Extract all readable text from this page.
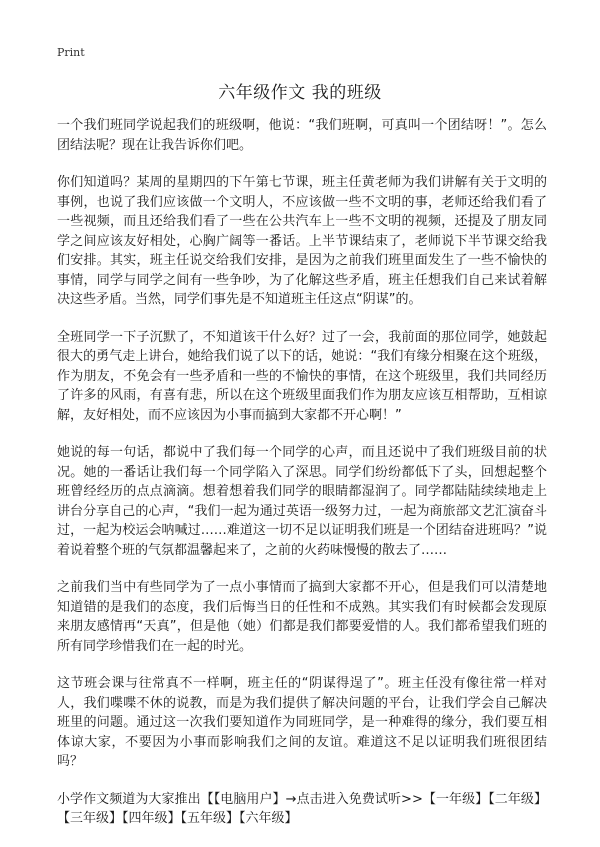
Print
六年级作文 我的班级

一个我们班同学说起我们的班级啊，他说：“我们班啊，可真叫一个团结呀！”。怎么团结法呢？现在让我告诉你们吧。

你们知道吗？某周的星期四的下午第七节课，班主任黄老师为我们讲解有关于文明的事例，也说了我们应该做一个文明人，不应该做一些不文明的事，老师还给我们看了一些视频，而且还给我们看了一些在公共汽车上一些不文明的视频，还提及了朋友同学之间应该友好相处，心胸广阔等一番话。上半节课结束了，老师说下半节课交给我们安排。其实，班主任说交给我们安排，是因为之前我们班里面发生了一些不愉快的事情，同学与同学之间有一些争吵，为了化解这些矛盾，班主任想我们自己来试着解决这些矛盾。当然，同学们事先是不知道班主任这点“阴谋”的。

全班同学一下子沉默了，不知道该干什么好？过了一会，我前面的那位同学，她鼓起很大的勇气走上讲台，她给我们说了以下的话，她说：“我们有缘分相聚在这个班级，作为朋友，不免会有一些矛盾和一些的不愉快的事情，在这个班级里，我们共同经历了许多的风雨，有喜有悲，所以在这个班级里面我们作为朋友应该互相帮助，互相谅解，友好相处，而不应该因为小事而搞到大家都不开心啊！”

她说的每一句话，都说中了我们每一个同学的心声，而且还说中了我们班级目前的状况。她的一番话让我们每一个同学陷入了深思。同学们纷纷都低下了头，回想起整个班曾经经历的点点滴滴。想着想着我们同学的眼睛都湿润了。同学都陆陆续续地走上讲台分享自己的心声，“我们一起为通过英语一级努力过，一起为商旅部文艺汇演奋斗过，一起为校运会呐喊过……难道这一切不足以证明我们班是一个团结奋进班吗？”说着说着整个班的气氛都温馨起来了，之前的火药味慢慢的散去了……

之前我们当中有些同学为了一点小事情而了搞到大家都不开心，但是我们可以清楚地知道错的是我们的态度，我们后悔当日的任性和不成熟。其实我们有时候都会发现原来朋友感情再“天真”，但是他（她）们都是我们都要爱惜的人。我们都希望我们班的所有同学珍惜我们在一起的时光。

这节班会课与往常真不一样啊，班主任的“阴谋得逞了”。班主任没有像往常一样对人，我们喋喋不休的说教，而是为我们提供了解决问题的平台，让我们学会自己解决班里的问题。通过这一次我们要知道作为同班同学，是一种难得的缘分，我们要互相体谅大家，不要因为小事而影响我们之间的友谊。难道这不足以证明我们班很团结吗？

小学作文频道为大家推出【【电脑用户】→点击进入免费试听>>【一年级】【二年级】【三年级】【四年级】【五年级】【六年级】
